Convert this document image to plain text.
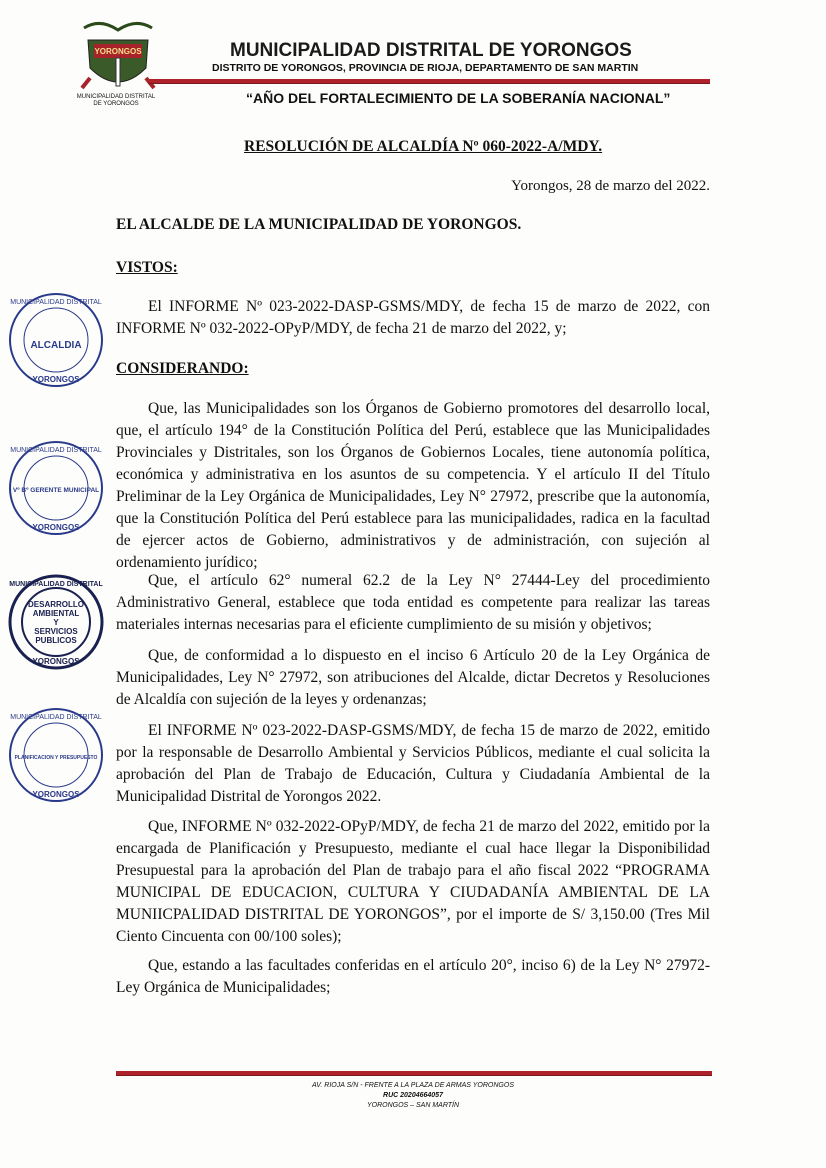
YORONGOS
MUNICIPALIDAD DISTRITAL DE YORONGOS
MUNICIPALIDAD DISTRITAL DE YORONGOS
DISTRITO DE YORONGOS, PROVINCIA DE RIOJA, DEPARTAMENTO DE SAN MARTIN
“AÑO DEL FORTALECIMIENTO DE LA SOBERANÍA NACIONAL”
RESOLUCIÓN DE ALCALDÍA Nº 060-2022-A/MDY.
Yorongos, 28 de marzo del 2022.
EL ALCALDE DE LA MUNICIPALIDAD DE YORONGOS.
VISTOS:
El INFORME Nº 023-2022-DASP-GSMS/MDY, de fecha 15 de marzo de 2022, con INFORME Nº 032-2022-OPyP/MDY, de fecha 21 de marzo del 2022, y;
CONSIDERANDO:
Que, las Municipalidades son los Órganos de Gobierno promotores del desarrollo local, que, el artículo 194° de la Constitución Política del Perú, establece que las Municipalidades Provinciales y Distritales, son los Órganos de Gobiernos Locales, tiene autonomía política, económica y administrativa en los asuntos de su competencia. Y el artículo II del Título Preliminar de la Ley Orgánica de Municipalidades, Ley N° 27972, prescribe que la autonomía, que la Constitución Política del Perú establece para las municipalidades, radica en la facultad de ejercer actos de Gobierno, administrativos y de administración, con sujeción al ordenamiento jurídico;
Que, el artículo 62° numeral 62.2 de la Ley N° 27444-Ley del procedimiento Administrativo General, establece que toda entidad es competente para realizar las tareas materiales internas necesarias para el eficiente cumplimiento de su misión y objetivos;
Que, de conformidad a lo dispuesto en el inciso 6 Artículo 20 de la Ley Orgánica de Municipalidades, Ley N° 27972, son atribuciones del Alcalde, dictar Decretos y Resoluciones de Alcaldía con sujeción de la leyes y ordenanzas;
El INFORME Nº 023-2022-DASP-GSMS/MDY, de fecha 15 de marzo de 2022, emitido por la responsable de Desarrollo Ambiental y Servicios Públicos, mediante el cual solicita la aprobación del Plan de Trabajo de Educación, Cultura y Ciudadanía Ambiental de la Municipalidad Distrital de Yorongos 2022.
Que, INFORME Nº 032-2022-OPyP/MDY, de fecha 21 de marzo del 2022, emitido por la encargada de Planificación y Presupuesto, mediante el cual hace llegar la Disponibilidad Presupuestal para la aprobación del Plan de trabajo para el año fiscal 2022 “PROGRAMA MUNICIPAL DE EDUCACION, CULTURA Y CIUDADANÍA AMBIENTAL DE LA MUNIICPALIDAD DISTRITAL DE YORONGOS”, por el importe de S/ 3,150.00 (Tres Mil Ciento Cincuenta con 00/100 soles);
Que, estando a las facultades conferidas en el artículo 20°, inciso 6) de la Ley N° 27972-Ley Orgánica de Municipalidades;
MUNICIPALIDAD DISTRITAL
ALCALDIA
YORONGOS
MUNICIPALIDAD DISTRITAL
Vº Bº GERENTE MUNICIPAL
YORONGOS
MUNICIPALIDAD DISTRITAL
DESARROLLO AMBIENTAL Y SERVICIOS PUBLICOS
YORONGOS
MUNICIPALIDAD DISTRITAL
PLANIFICACION Y PRESUPUESTO
YORONGOS
AV. RIOJA S/N - FRENTE A LA PLAZA DE ARMAS YORONGOS
RUC 20204664057
YORONGOS – SAN MARTÍN
